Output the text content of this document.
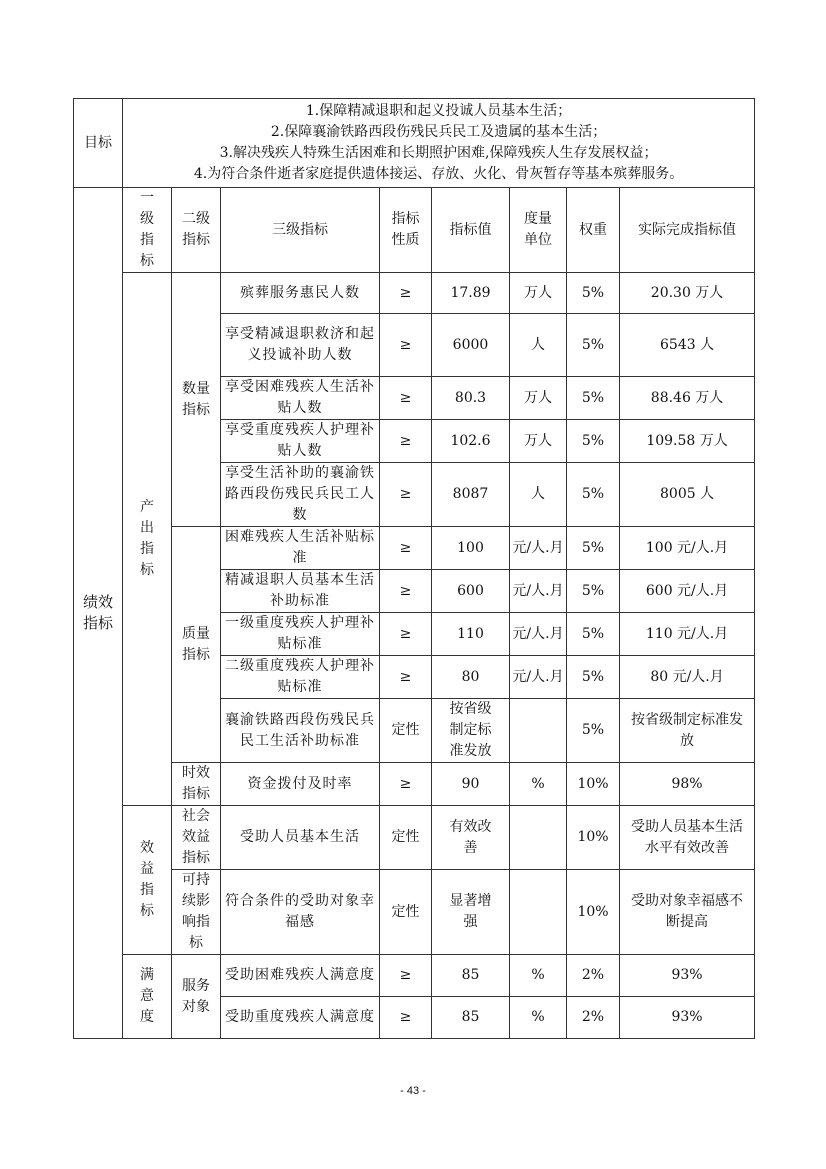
目标	1.保障精减退职和起义投诚人员基本生活；
2.保障襄渝铁路西段伤残民兵民工及遗属的基本生活；
3.解决残疾人特殊生活困难和长期照护困难,保障残疾人生存发展权益；
4.为符合条件逝者家庭提供遗体接运、存放、火化、骨灰暂存等基本殡葬服务。							

绩效指标	一级指标	二级指标	三级指标	指标性质	指标值	度量单位	权重	实际完成指标值
	产出指标	数量指标	殡葬服务惠民人数	≥	17.89	万人	5%	20.30 万人
			享受精减退职救济和起义投诚补助人数	≥	6000	人	5%	6543 人
			享受困难残疾人生活补贴人数	≥	80.3	万人	5%	88.46 万人
			享受重度残疾人护理补贴人数	≥	102.6	万人	5%	109.58 万人
			享受生活补助的襄渝铁路西段伤残民兵民工人数	≥	8087	人	5%	8005 人
		质量指标	困难残疾人生活补贴标准	≥	100	元/人.月	5%	100 元/人.月
			精减退职人员基本生活补助标准	≥	600	元/人.月	5%	600 元/人.月
			一级重度残疾人护理补贴标准	≥	110	元/人.月	5%	110 元/人.月
			二级重度残疾人护理补贴标准	≥	80	元/人.月	5%	80 元/人.月
			襄渝铁路西段伤残民兵民工生活补助标准	定性	按省级制定标准发放		5%	按省级制定标准发放
		时效指标	资金拨付及时率	≥	90	%	10%	98%
	效益指标	社会效益指标	受助人员基本生活	定性	有效改善		10%	受助人员基本生活水平有效改善
		可持续影响指标	符合条件的受助对象幸福感	定性	显著增强		10%	受助对象幸福感不断提高
	满意度	服务对象	受助困难残疾人满意度	≥	85	%	2%	93%
			受助重度残疾人满意度	≥	85	%	2%	93%
- 43 -
